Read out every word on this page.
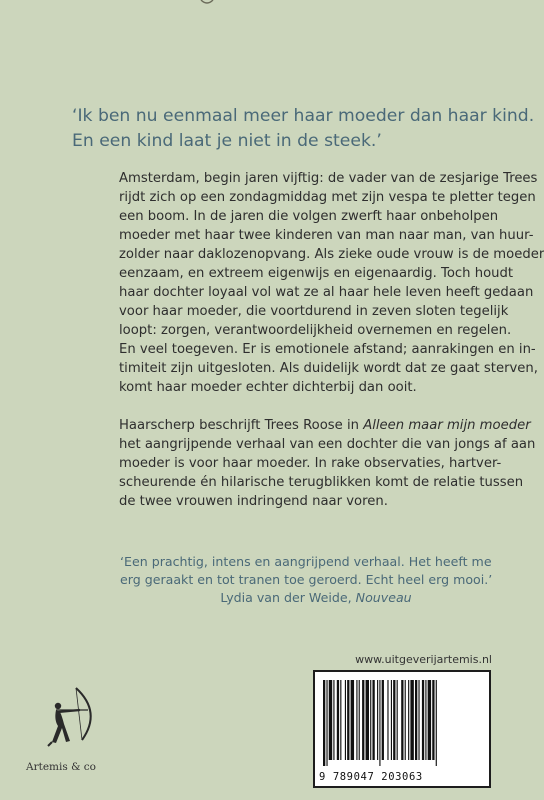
‘Ik ben nu eenmaal meer haar moeder dan haar kind.
En een kind laat je niet in de steek.’

Amsterdam, begin jaren vijftig: de vader van de zesjarige Trees
rijdt zich op een zondagmiddag met zijn vespa te pletter tegen
een boom. In de jaren die volgen zwerft haar onbeholpen
moeder met haar twee kinderen van man naar man, van huur-
zolder naar daklozenopvang. Als zieke oude vrouw is de moeder
eenzaam, en extreem eigenwijs en eigenaardig. Toch houdt
haar dochter loyaal vol wat ze al haar hele leven heeft gedaan
voor haar moeder, die voortdurend in zeven sloten tegelijk
loopt: zorgen, verantwoordelijkheid overnemen en regelen.
En veel toegeven. Er is emotionele afstand; aanrakingen en in-
timiteit zijn uitgesloten. Als duidelijk wordt dat ze gaat sterven,
komt haar moeder echter dichterbij dan ooit.

Haarscherp beschrijft Trees Roose in Alleen maar mijn moeder
het aangrijpende verhaal van een dochter die van jongs af aan
moeder is voor haar moeder. In rake observaties, hartver-
scheurende én hilarische terugblikken komt de relatie tussen
de twee vrouwen indringend naar voren.

‘Een prachtig, intens en aangrijpend verhaal. Het heeft me
erg geraakt en tot tranen toe geroerd. Echt heel erg mooi.’
Lydia van der Weide, Nouveau

www.uitgeverijartemis.nl
9 789047 203063
Artemis & co
